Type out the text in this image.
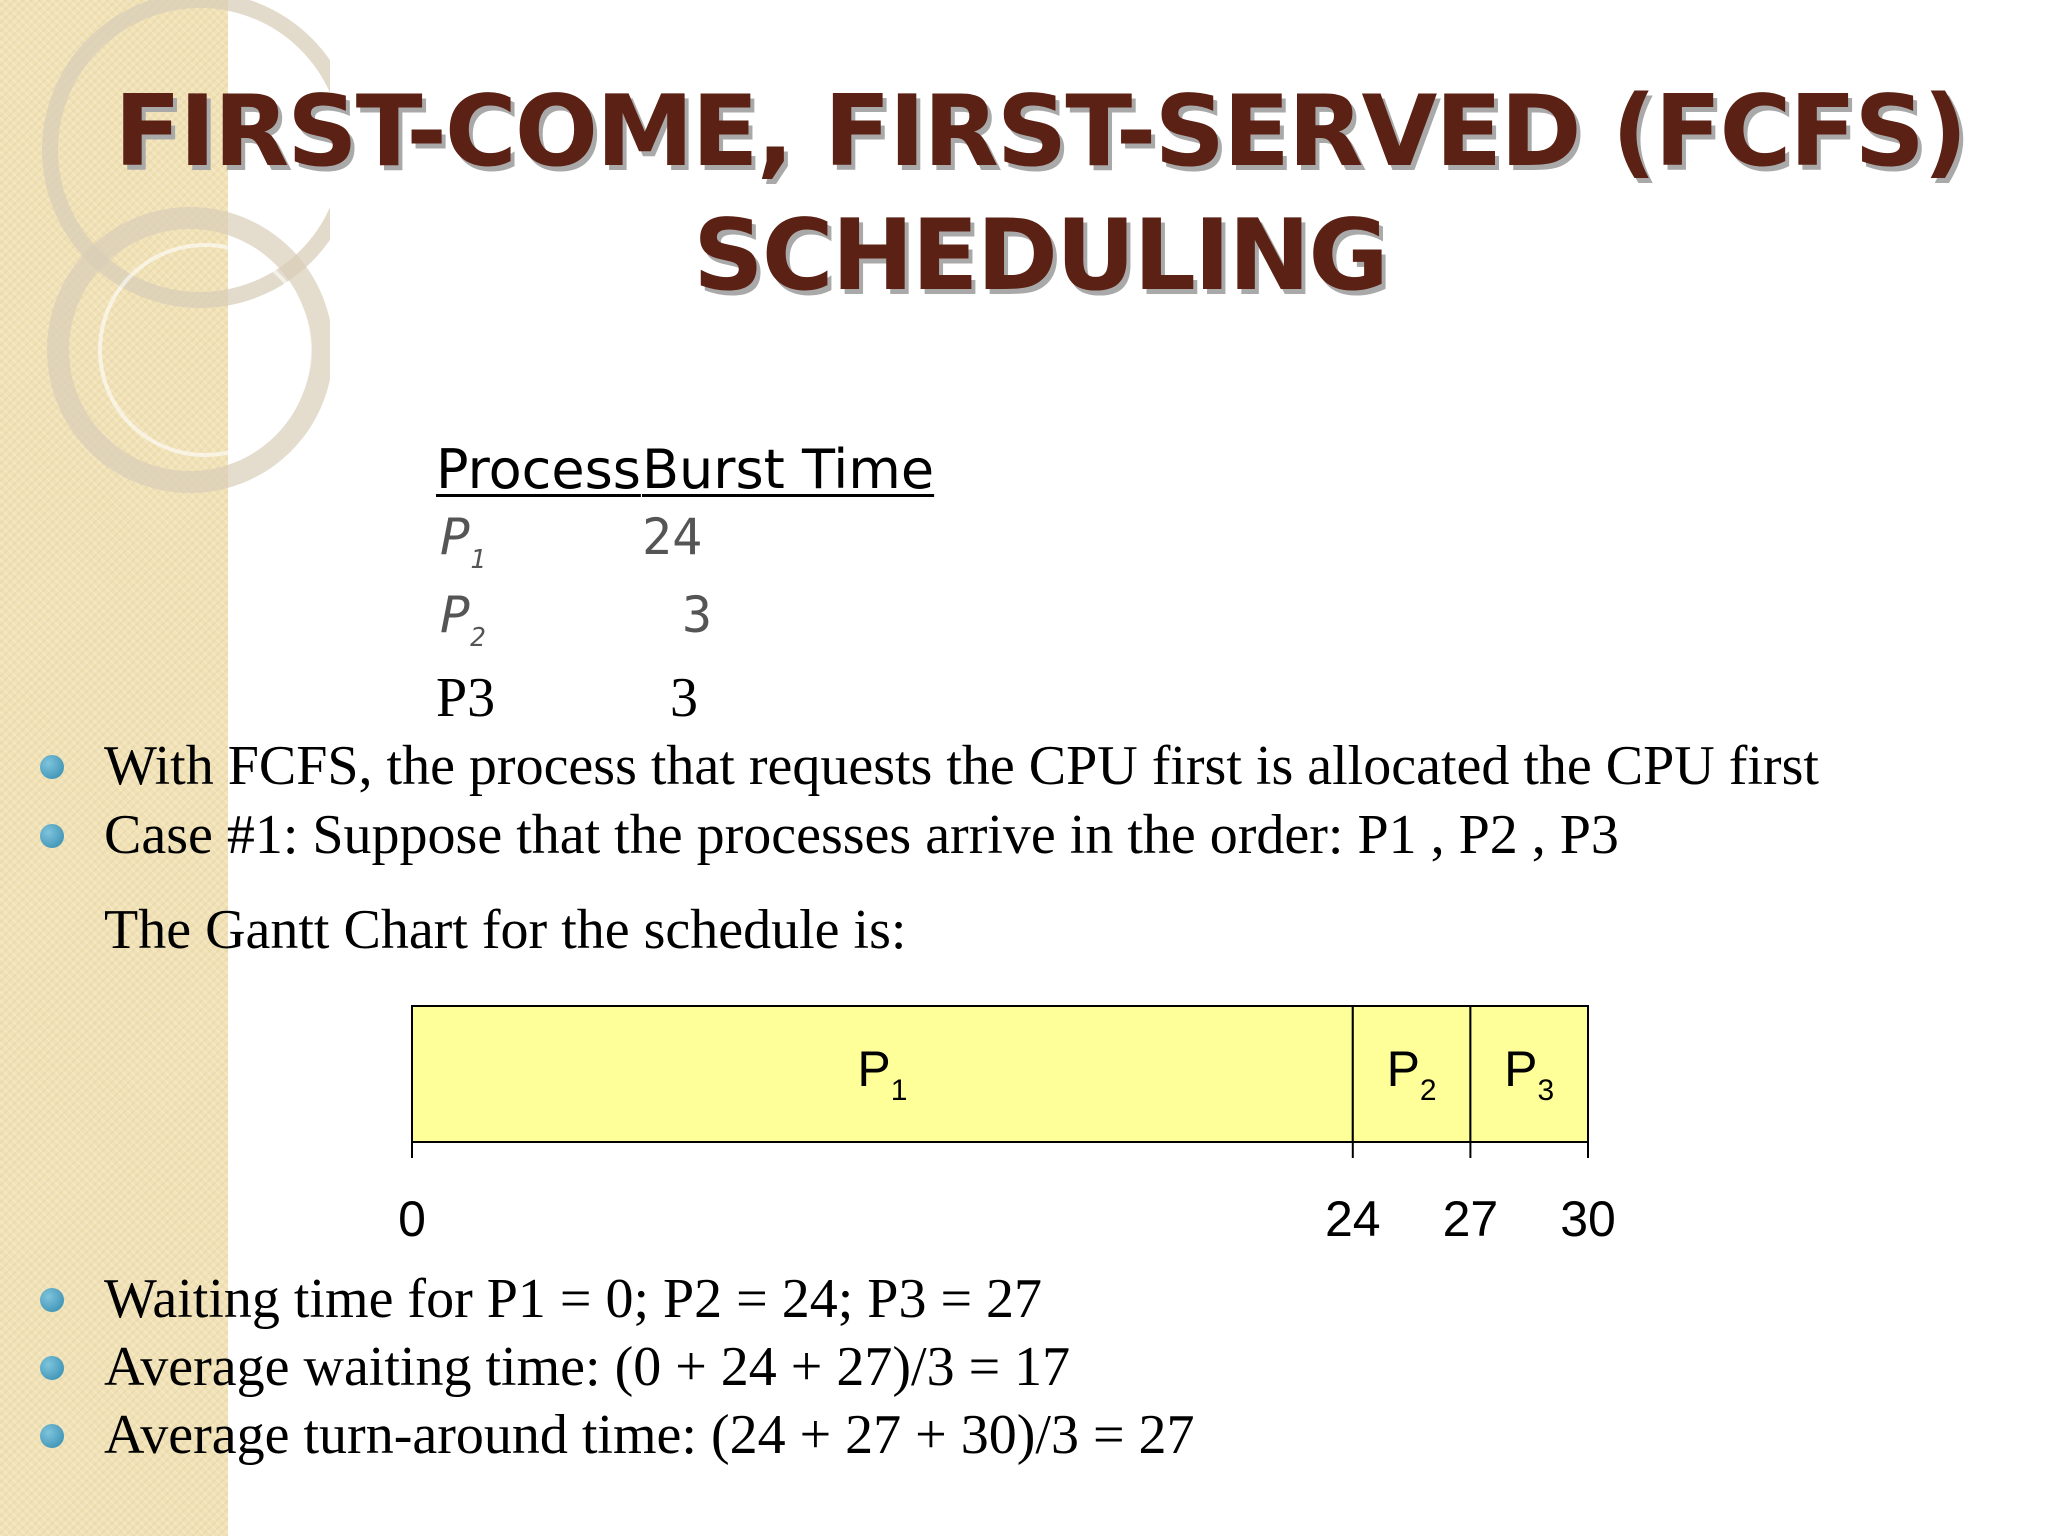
FIRST-COME, FIRST-SERVED (FCFS)
SCHEDULING
Process Burst Time
$P_1$	24
$P_2$	3
P3	3
With FCFS, the process that requests the CPU first is allocated the CPU first
Case #1: Suppose that the processes arrive in the order: P1 , P2 , P3
The Gantt Chart for the schedule is:
$P_1$	$P_2$ $P_3$
0	24 27 30
Waiting time for P1 = 0; P2 = 24; P3 = 27
Average waiting time: (0 + 24 + 27)/3 = 17
Average turn-around time: (24 + 27 + 30)/3 = 27
